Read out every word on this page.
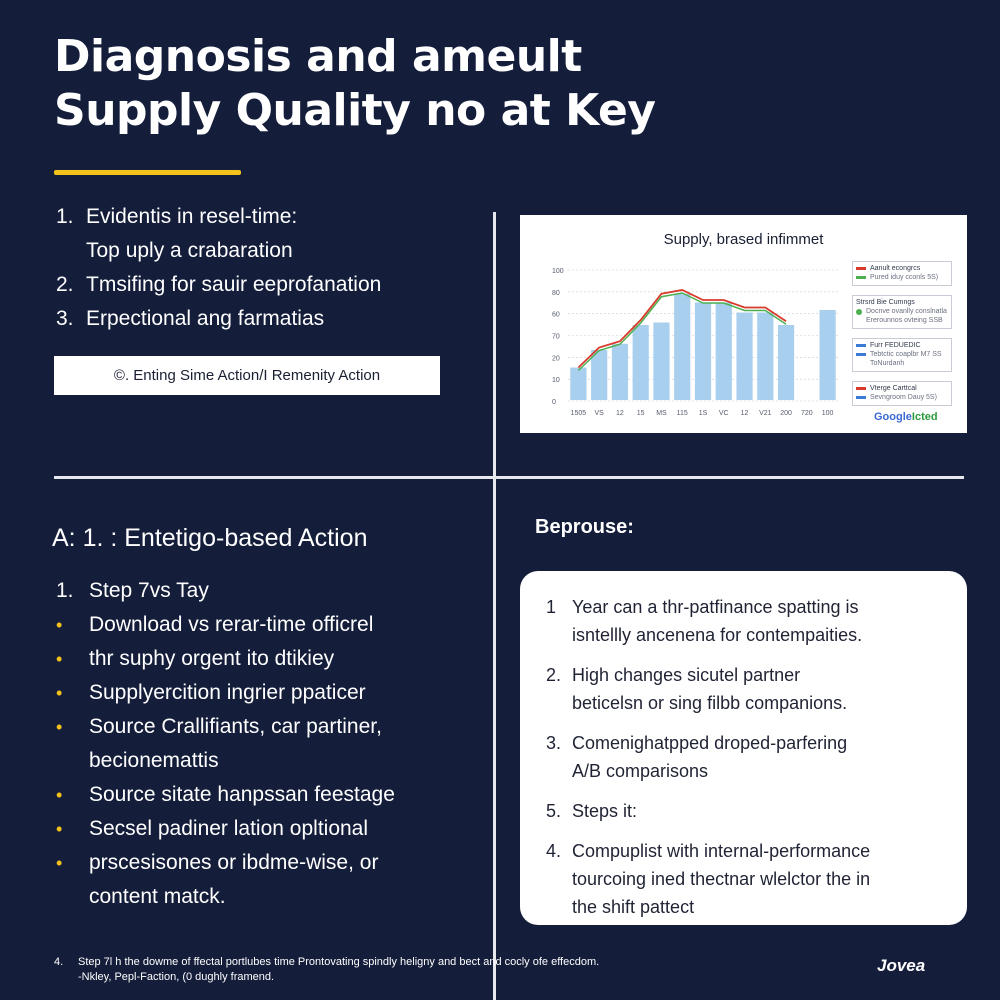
Diagnosis and ameult
Supply Quality no at Key
1. Evidentis in resel-time:
Top uply a crabaration
2. Tmsifing for sauir eeprofanation
3. Erpectional ang farmatias
©. Enting Sime Action/I Remenity Action
Supply, brased infimmet
100
80
60
70
20
10
0
1505 VS 12 15 MS 115 1S VC 12 V21 200 720 100
Aanult econgrcs
Pured iduy cconls 5S)
Strsrd Bie Cumngs
Docnve ovanlly conslnatla
Ererounnos ovteing SSB
Furr FEDUEDIC
Tebtctic coaplbr M7 SS
ToNurdanh
Vterge Carttcal
Sevngroom Dauy 5S)
GoogleIcted
A: 1. : Entetigo-based Action
1. Step 7vs Tay
•	Download vs rerar-time officrel
•	thr suphy orgent ito dtikiey
•	Supplyercition ingrier ppaticer
•	Source Crallifiants, car partiner,
becionemattis
•	Source sitate hanpssan feestage
•	Secsel padiner lation opltional
•	prscesisones or ibdme-wise, or
content matck.
Beprouse:
1 Year can a thr-patfinance spatting is
isntellly ancenena for contempaities.
2. High changes sicutel partner
beticelsn or sing filbb companions.
3. Comenighatpped droped-parfering
A/B comparisons
5. Steps it:
4. Compuplist with internal-performance
tourcoing ined thectnar wlelctor the in
the shift pattect
4.	Step 7l h the dowme of ffectal portlubes time Prontovating spindly heligny and bect and cocly ofe effecdom.
-Nkley, Pepl-Faction, (0 dughly framend.
Jovea
